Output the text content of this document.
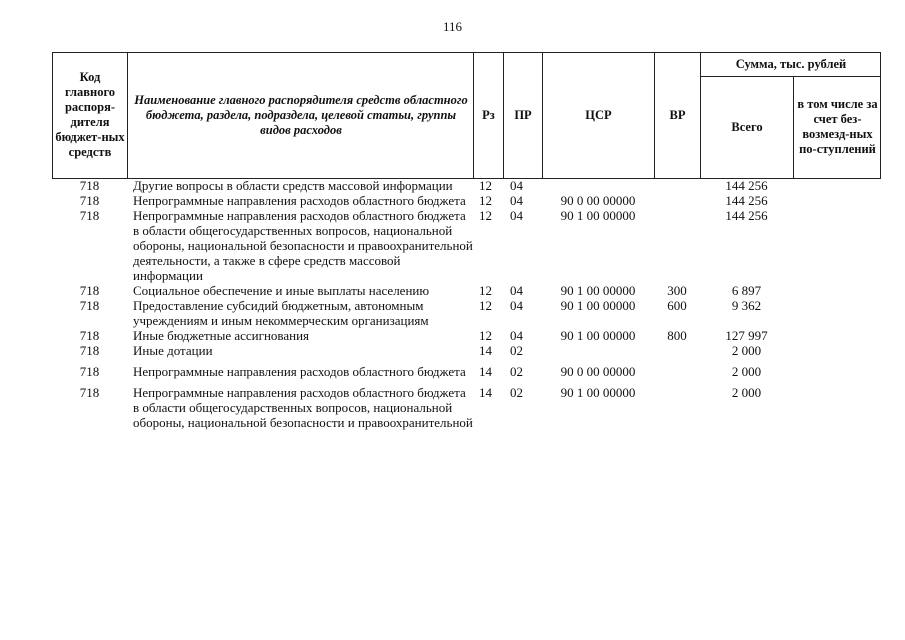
116
Код главного распоря-дителя бюджет-ных средств
Наименование главного распорядителя средств областного бюджета, раздела, подраздела, целевой статьи, группы видов расходов
Рз	ПР	ЦСР	ВР
Сумма, тыс. рублей
Всего
в том числе за счет без-возмезд-ных по-ступлений
718	Другие вопросы в области средств массовой информации	12	04			144 256	
718	Непрограммные направления расходов областного бюджета	12	04	90 0 00 00000		144 256	
718	Непрограммные направления расходов областного бюджета в области общегосударственных вопросов, национальной обороны, национальной безопасности и правоохранительной деятельности, а также в сфере средств массовой информации	12	04	90 1 00 00000		144 256	
718	Социальное обеспечение и иные выплаты населению	12	04	90 1 00 00000	300	6 897	
718	Предоставление субсидий бюджетным, автономным учреждениям и иным некоммерческим организациям	12	04	90 1 00 00000	600	9 362	
718	Иные бюджетные ассигнования	12	04	90 1 00 00000	800	127 997	
718	Иные дотации	14	02			2 000	
718	Непрограммные направления расходов областного бюджета	14	02	90 0 00 00000		2 000	
718	Непрограммные направления расходов областного бюджета в области общегосударственных вопросов, национальной обороны, национальной безопасности и правоохранительной	14	02	90 1 00 00000		2 000	
